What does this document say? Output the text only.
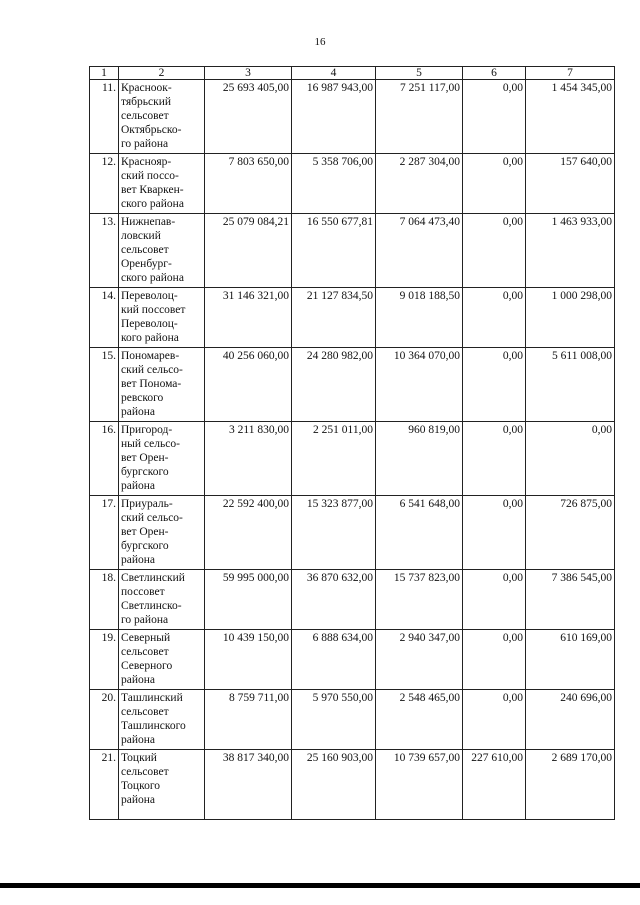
16
1	2	3	4	5	6	7
11.	Красноок-
тябрьский
сельсовет
Октябрьско-
го района	25 693 405,00	16 987 943,00	7 251 117,00	0,00	1 454 345,00
12.	Краснояр-
ский поссо-
вет Кваркен-
ского района	7 803 650,00	5 358 706,00	2 287 304,00	0,00	157 640,00
13.	Нижнепав-
ловский
сельсовет
Оренбург-
ского района	25 079 084,21	16 550 677,81	7 064 473,40	0,00	1 463 933,00
14.	Переволоц-
кий поссовет
Переволоц-
кого района	31 146 321,00	21 127 834,50	9 018 188,50	0,00	1 000 298,00
15.	Пономарев-
ский сельсо-
вет Понома-
ревского
района	40 256 060,00	24 280 982,00	10 364 070,00	0,00	5 611 008,00
16.	Пригород-
ный сельсо-
вет Орен-
бургского
района	3 211 830,00	2 251 011,00	960 819,00	0,00	0,00
17.	Приураль-
ский сельсо-
вет Орен-
бургского
района	22 592 400,00	15 323 877,00	6 541 648,00	0,00	726 875,00
18.	Светлинский
поссовет
Светлинско-
го района	59 995 000,00	36 870 632,00	15 737 823,00	0,00	7 386 545,00
19.	Северный
сельсовет
Северного
района	10 439 150,00	6 888 634,00	2 940 347,00	0,00	610 169,00
20.	Ташлинский
сельсовет
Ташлинского
района	8 759 711,00	5 970 550,00	2 548 465,00	0,00	240 696,00
21.	Тоцкий
сельсовет
Тоцкого
района	38 817 340,00	25 160 903,00	10 739 657,00	227 610,00	2 689 170,00
